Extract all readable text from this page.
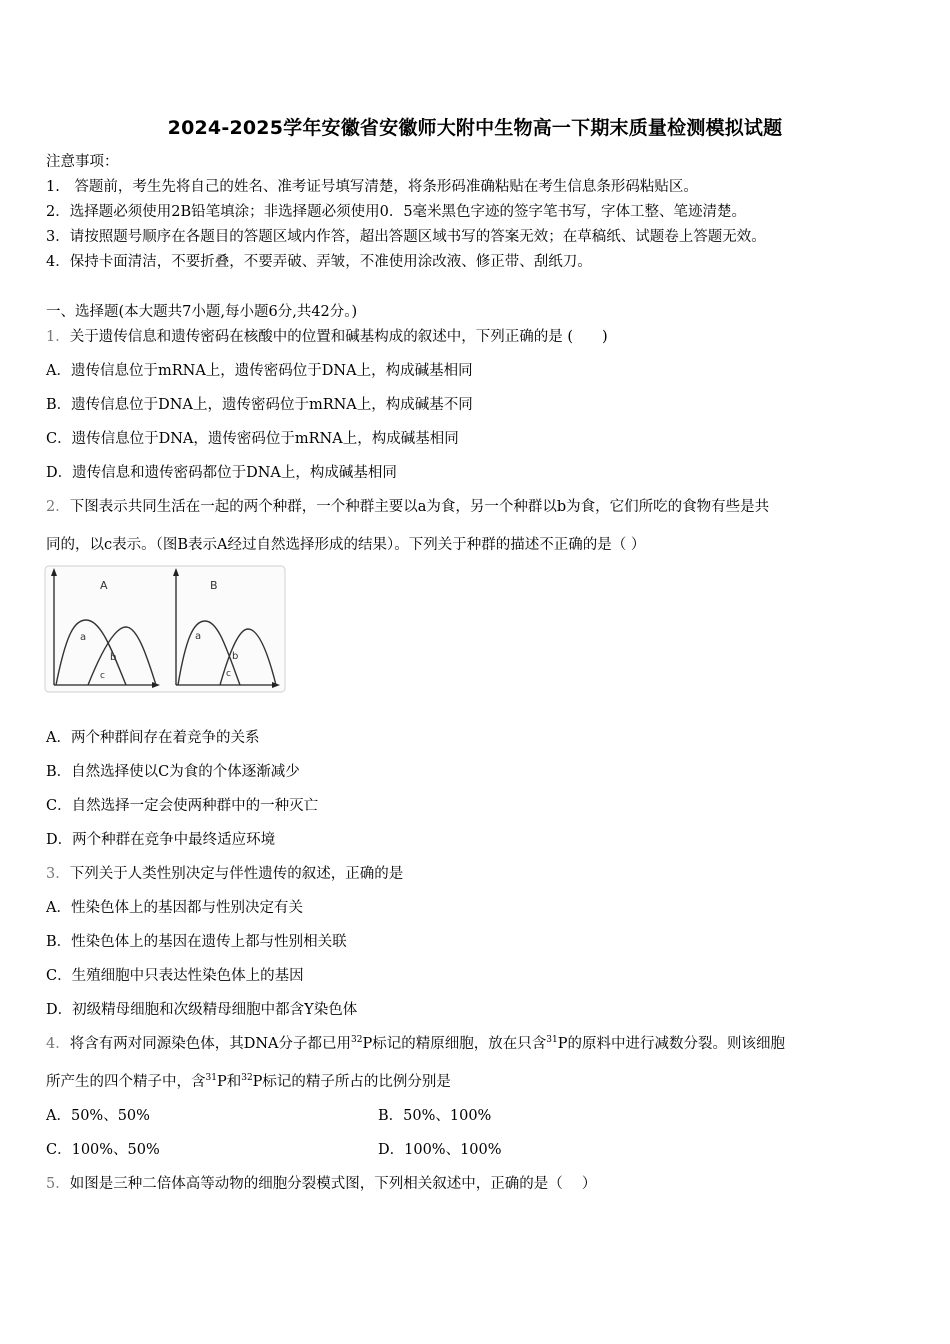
2024-2025学年安徽省安徽师大附中生物高一下期末质量检测模拟试题
注意事项：
1.　答题前，考生先将自己的姓名、准考证号填写清楚，将条形码准确粘贴在考生信息条形码粘贴区。
2．选择题必须使用2B铅笔填涂；非选择题必须使用0．5毫米黑色字迹的签字笔书写，字体工整、笔迹清楚。
3．请按照题号顺序在各题目的答题区域内作答，超出答题区域书写的答案无效；在草稿纸、试题卷上答题无效。
4．保持卡面清洁，不要折叠，不要弄破、弄皱，不准使用涂改液、修正带、刮纸刀。
一、选择题(本大题共7小题,每小题6分,共42分。)
1．关于遗传信息和遗传密码在核酸中的位置和碱基构成的叙述中，下列正确的是 (　　)
A．遗传信息位于mRNA上，遗传密码位于DNA上，构成碱基相同
B．遗传信息位于DNA上，遗传密码位于mRNA上，构成碱基不同
C．遗传信息位于DNA，遗传密码位于mRNA上，构成碱基相同
D．遗传信息和遗传密码都位于DNA上，构成碱基相同
2．下图表示共同生活在一起的两个种群，一个种群主要以a为食，另一个种群以b为食，它们所吃的食物有些是共
同的，以c表示。（图B表示A经过自然选择形成的结果）。下列关于种群的描述不正确的是（ ）
A
a
b
c
B
a
b
c
A．两个种群间存在着竞争的关系
B．自然选择使以C为食的个体逐渐减少
C．自然选择一定会使两种群中的一种灭亡
D．两个种群在竞争中最终适应环境
3．下列关于人类性别决定与伴性遗传的叙述，正确的是
A．性染色体上的基因都与性别决定有关
B．性染色体上的基因在遗传上都与性别相关联
C．生殖细胞中只表达性染色体上的基因
D．初级精母细胞和次级精母细胞中都含Y染色体
4．将含有两对同源染色体，其DNA分子都已用$^{32}$P标记的精原细胞，放在只含$^{31}$P的原料中进行减数分裂。则该细胞
所产生的四个精子中，含$^{31}$P和$^{32}$P标记的精子所占的比例分别是
A．50%、50%	B．50%、100%
C．100%、50%	D．100%、100%
5．如图是三种二倍体高等动物的细胞分裂模式图，下列相关叙述中，正确的是（　 ）
